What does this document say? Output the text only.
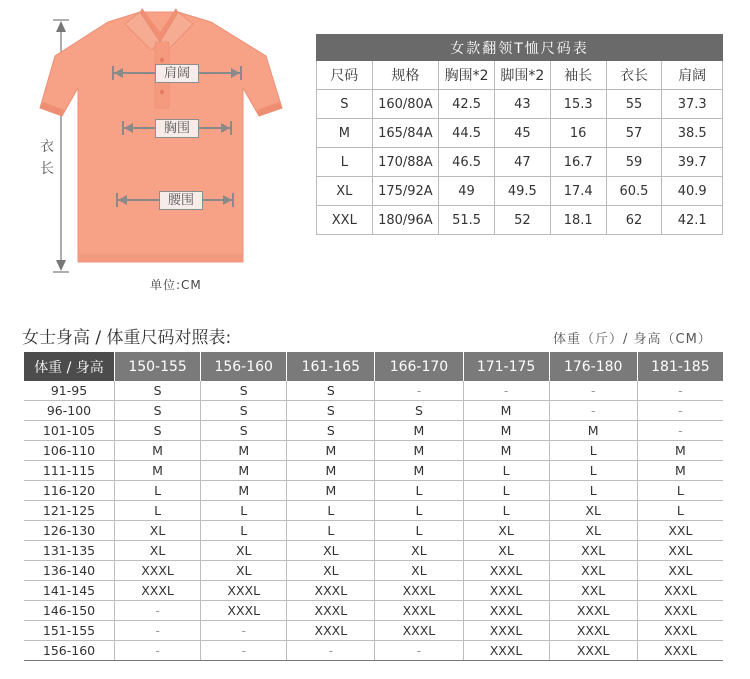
肩阔
胸围
腰围
衣
长
单位:CM
女款翻领T恤尺码表						
尺码	规格	胸围*2	脚围*2	袖长	衣长	肩阔
S	160/80A	42.5	43	15.3	55	37.3
M	165/84A	44.5	45	16	57	38.5
L	170/88A	46.5	47	16.7	59	39.7
XL	175/92A	49	49.5	17.4	60.5	40.9
XXL	180/96A	51.5	52	18.1	62	42.1
女士身高 / 体重尺码对照表:	体重（斤）/ 身高（CM）
体重 / 身高	150-155	156-160	161-165	166-170	171-175	176-180	181-185
91-95	S	S	S	-	-	-	-
96-100	S	S	S	S	M	-	-
101-105	S	S	S	M	M	M	-
106-110	M	M	M	M	M	L	M
111-115	M	M	M	M	L	L	M
116-120	L	M	M	L	L	L	L
121-125	L	L	L	L	L	XL	L
126-130	XL	L	L	L	XL	XL	XXL
131-135	XL	XL	XL	XL	XL	XXL	XXL
136-140	XXXL	XL	XL	XL	XXXL	XXL	XXL
141-145	XXXL	XXXL	XXXL	XXXL	XXXL	XXL	XXXL
146-150	-	XXXL	XXXL	XXXL	XXXL	XXXL	XXXL
151-155	-	-	XXXL	XXXL	XXXL	XXXL	XXXL
156-160	-	-	-	-	XXXL	XXXL	XXXL
